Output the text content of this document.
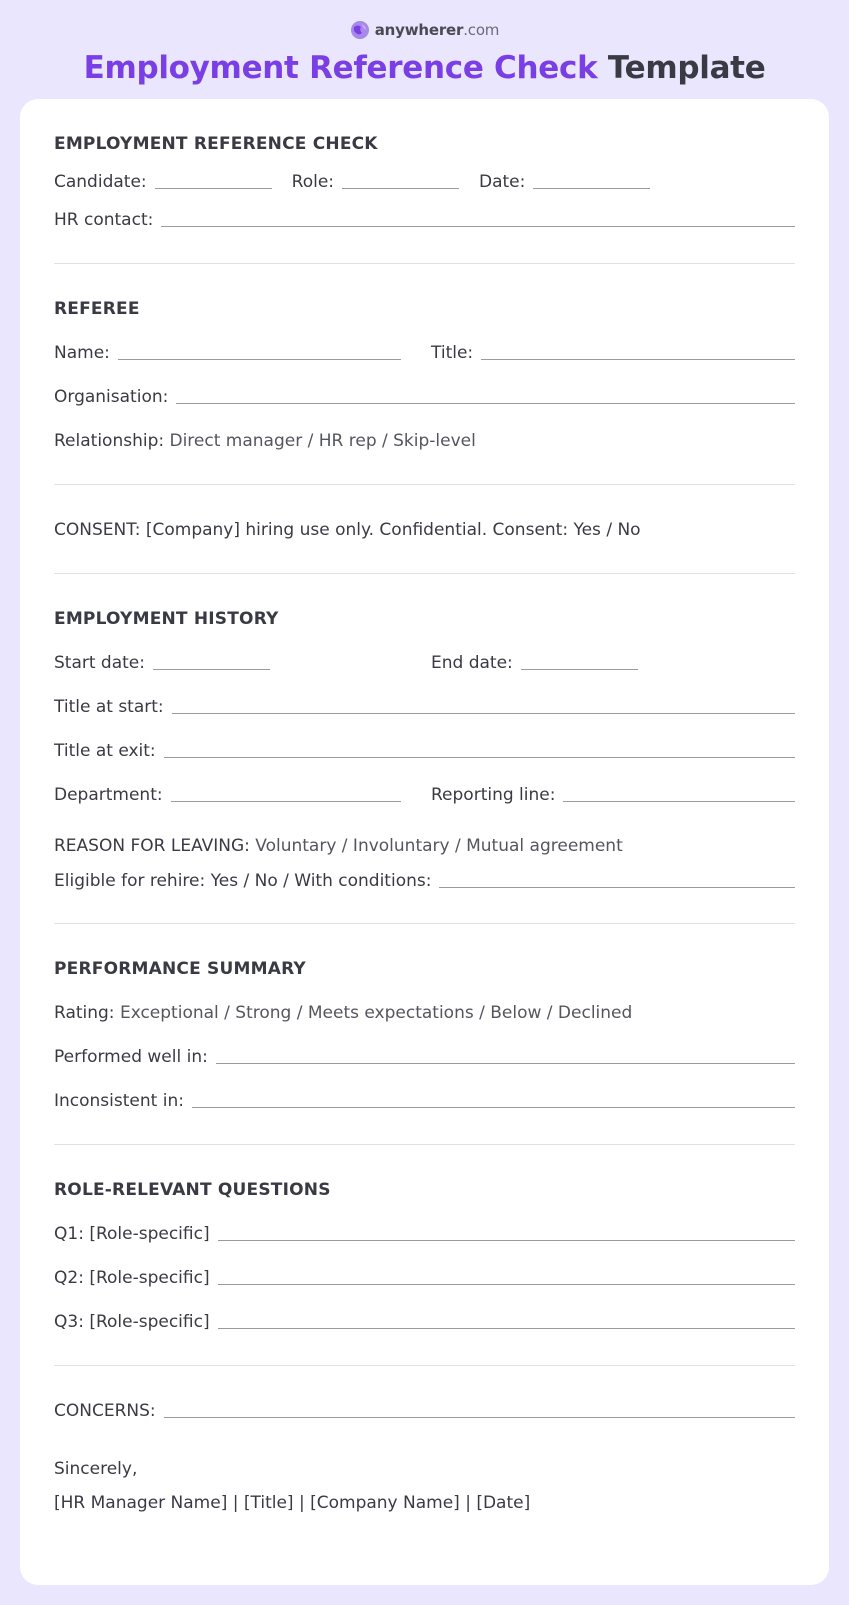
anywherer .com
Employment Reference Check Template
EMPLOYMENT REFERENCE CHECK
Candidate:	Role:	Date:
HR contact:
REFEREE
Name:	Title:
Organisation:
Relationship: Direct manager / HR rep / Skip-level
CONSENT: [Company] hiring use only. Confidential. Consent: Yes / No
EMPLOYMENT HISTORY
Start date:	End date:
Title at start:
Title at exit:
Department:	Reporting line:
REASON FOR LEAVING: Voluntary / Involuntary / Mutual agreement
Eligible for rehire: Yes / No / With conditions:
PERFORMANCE SUMMARY
Rating: Exceptional / Strong / Meets expectations / Below / Declined
Performed well in:
Inconsistent in:
ROLE-RELEVANT QUESTIONS
Q1: [Role-specific]
Q2: [Role-specific]
Q3: [Role-specific]
CONCERNS:
Sincerely,
[HR Manager Name] | [Title] | [Company Name] | [Date]
